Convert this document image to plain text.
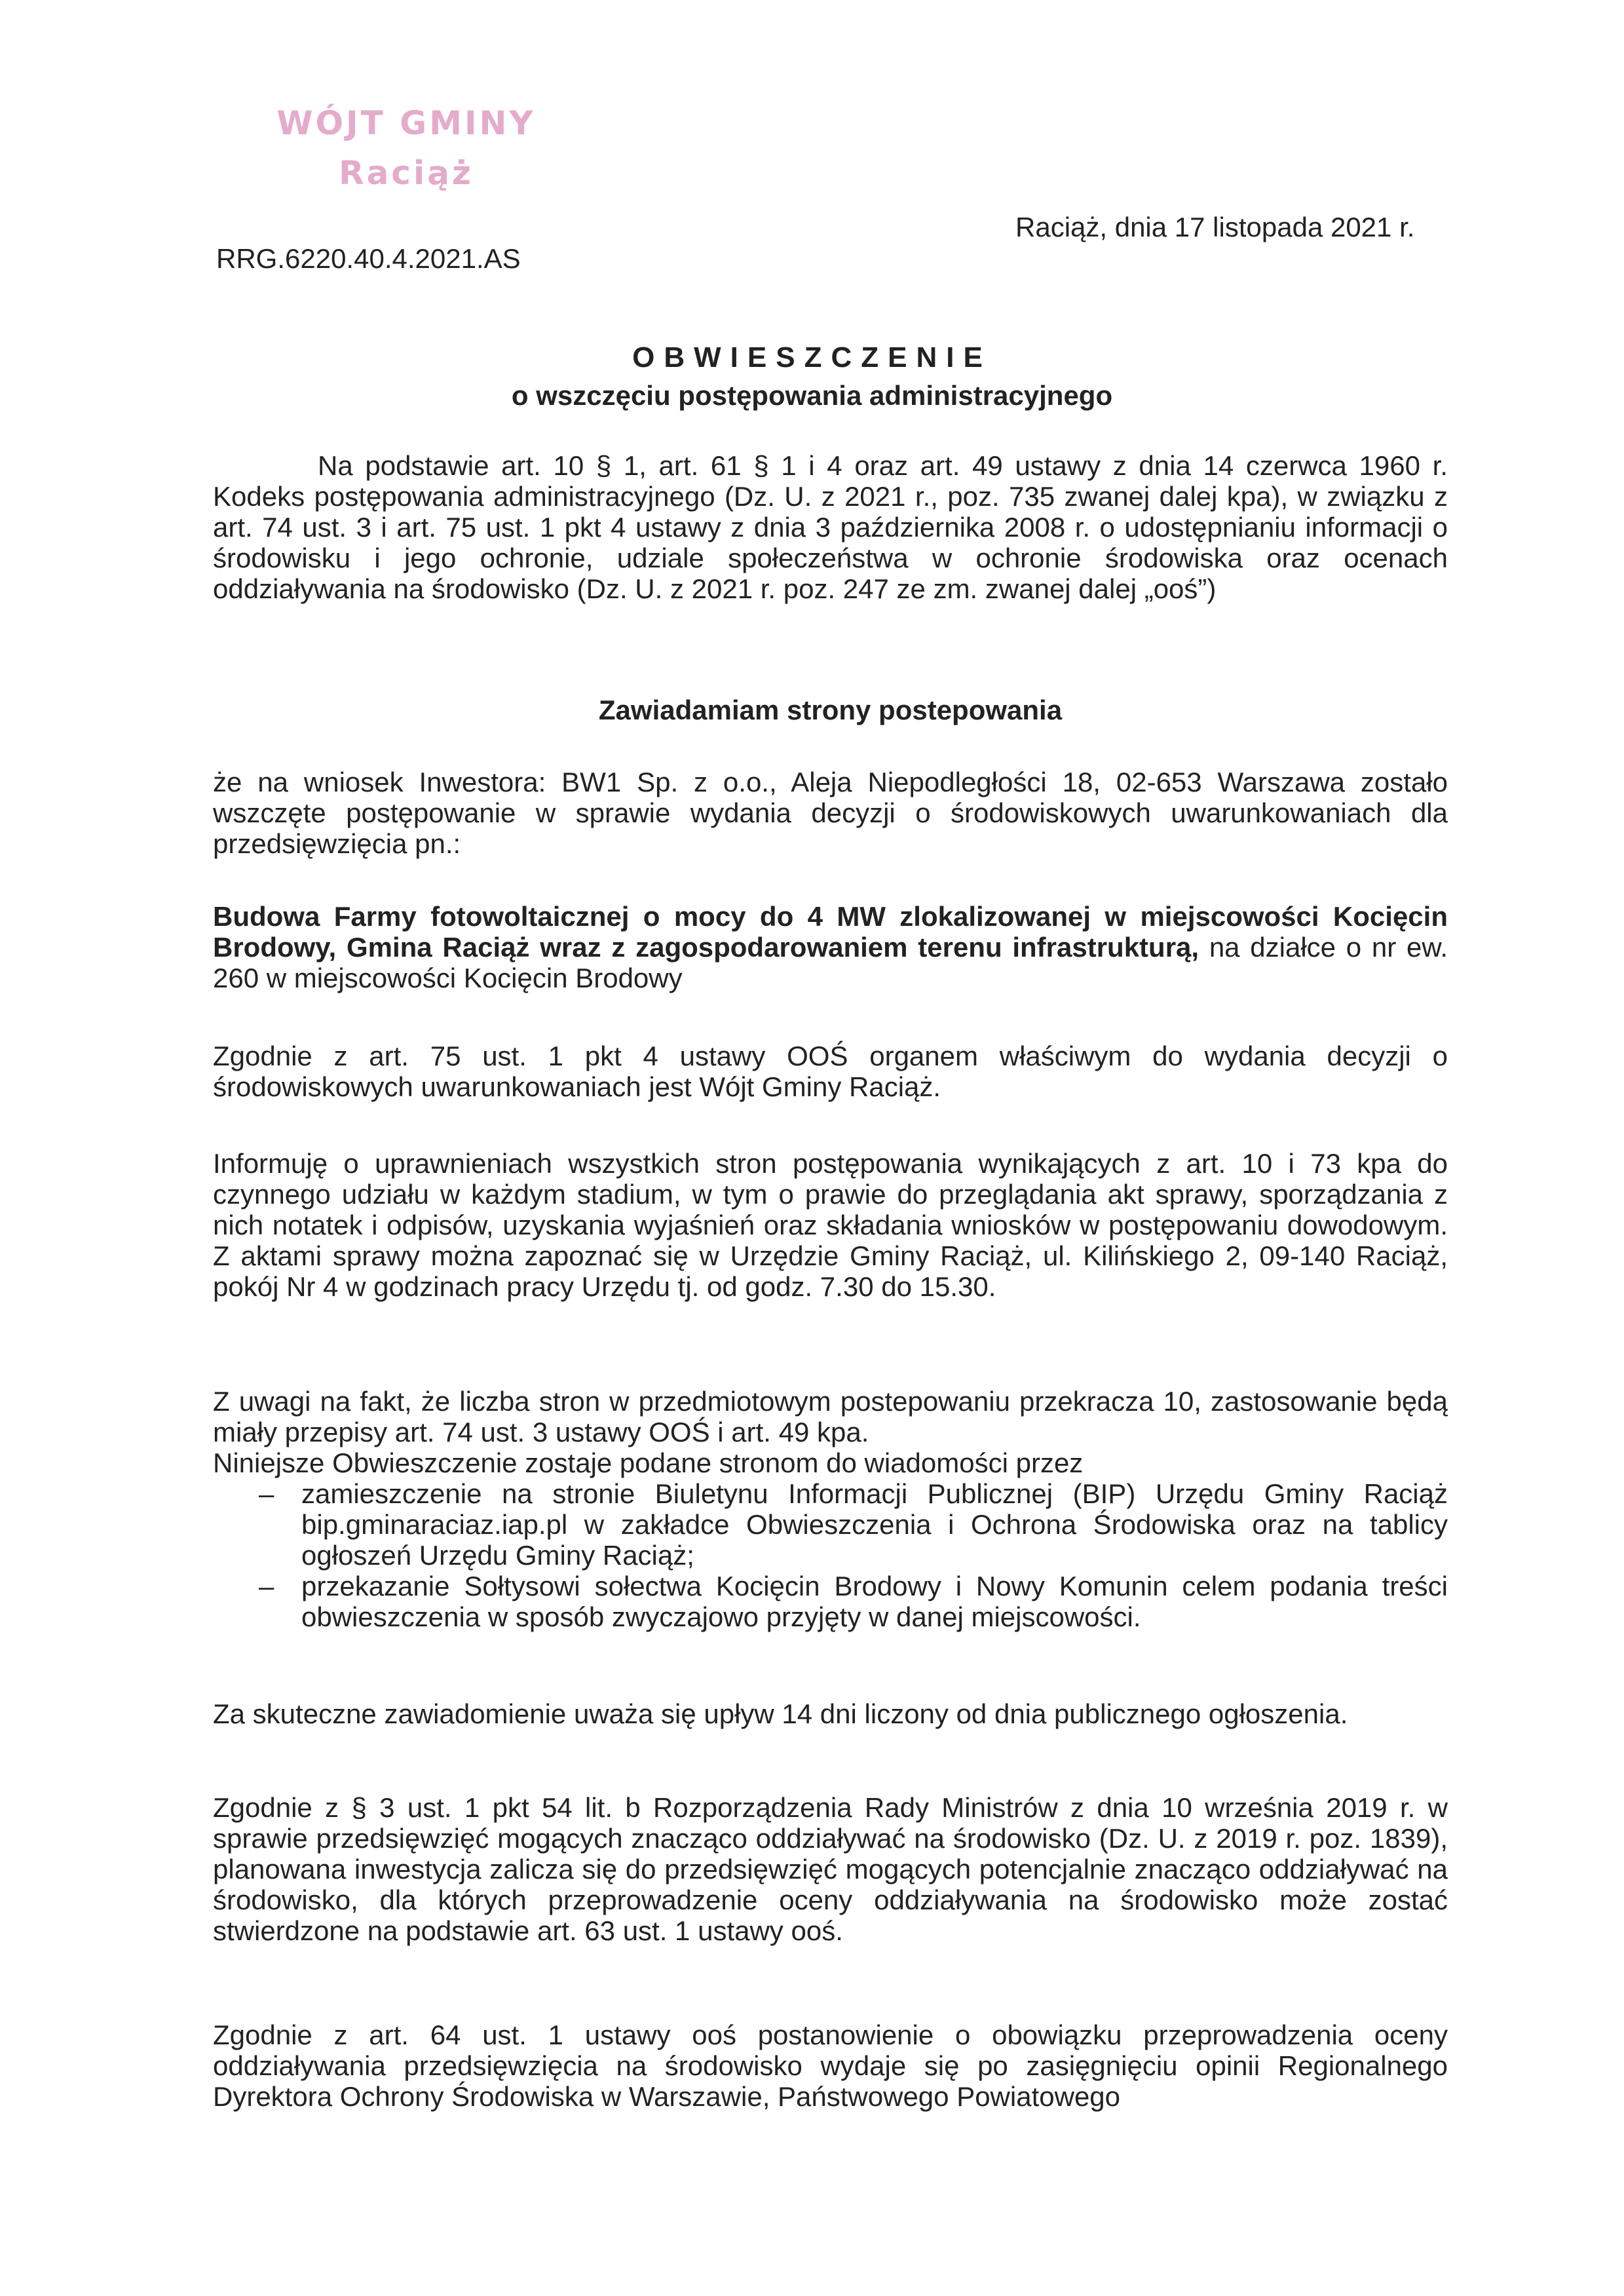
WÓJT GMINY
Raciąż
Raciąż, dnia 17 listopada 2021 r.
RRG.6220.40.4.2021.AS
OBWIESZCZENIE
o wszczęciu postępowania administracyjnego
Na podstawie art. 10 § 1, art. 61 § 1 i 4 oraz art. 49 ustawy z dnia 14 czerwca 1960 r. Kodeks postępowania administracyjnego (Dz. U. z 2021 r., poz. 735 zwanej dalej kpa), w związku z art. 74 ust. 3 i art. 75 ust. 1 pkt 4 ustawy z dnia 3 października 2008 r. o udostępnianiu informacji o środowisku i jego ochronie, udziale społeczeństwa w ochronie środowiska oraz ocenach oddziaływania na środowisko (Dz. U. z 2021 r. poz. 247 ze zm. zwanej dalej „ooś”)
Zawiadamiam strony postepowania
że na wniosek Inwestora: BW1 Sp. z o.o., Aleja Niepodległości 18, 02-653 Warszawa zostało wszczęte postępowanie w sprawie wydania decyzji o środowiskowych uwarunkowaniach dla przedsięwzięcia pn.:
Budowa Farmy fotowoltaicznej o mocy do 4 MW zlokalizowanej w miejscowości Kocięcin Brodowy, Gmina Raciąż wraz z zagospodarowaniem terenu infrastrukturą, na działce o nr ew. 260 w miejscowości Kocięcin Brodowy
Zgodnie z art. 75 ust. 1 pkt 4 ustawy OOŚ organem właściwym do wydania decyzji o środowiskowych uwarunkowaniach jest Wójt Gminy Raciąż.
Informuję o uprawnieniach wszystkich stron postępowania wynikających z art. 10 i 73 kpa do czynnego udziału w każdym stadium, w tym o prawie do przeglądania akt sprawy, sporządzania z nich notatek i odpisów, uzyskania wyjaśnień oraz składania wniosków w postępowaniu dowodowym. Z aktami sprawy można zapoznać się w Urzędzie Gminy Raciąż, ul. Kilińskiego 2, 09-140 Raciąż, pokój Nr 4 w godzinach pracy Urzędu tj. od godz. 7.30 do 15.30.
Z uwagi na fakt, że liczba stron w przedmiotowym postepowaniu przekracza 10, zastosowanie będą miały przepisy art. 74 ust. 3 ustawy OOŚ i art. 49 kpa.
Niniejsze Obwieszczenie zostaje podane stronom do wiadomości przez
– zamieszczenie na stronie Biuletynu Informacji Publicznej (BIP) Urzędu Gminy Raciąż bip.gminaraciaz.iap.pl w zakładce Obwieszczenia i Ochrona Środowiska oraz na tablicy ogłoszeń Urzędu Gminy Raciąż;
– przekazanie Sołtysowi sołectwa Kocięcin Brodowy i Nowy Komunin celem podania treści obwieszczenia w sposób zwyczajowo przyjęty w danej miejscowości.
Za skuteczne zawiadomienie uważa się upływ 14 dni liczony od dnia publicznego ogłoszenia.
Zgodnie z § 3 ust. 1 pkt 54 lit. b Rozporządzenia Rady Ministrów z dnia 10 września 2019 r. w sprawie przedsięwzięć mogących znacząco oddziaływać na środowisko (Dz. U. z 2019 r. poz. 1839), planowana inwestycja zalicza się do przedsięwzięć mogących potencjalnie znacząco oddziaływać na środowisko, dla których przeprowadzenie oceny oddziaływania na środowisko może zostać stwierdzone na podstawie art. 63 ust. 1 ustawy ooś.
Zgodnie z art. 64 ust. 1 ustawy ooś postanowienie o obowiązku przeprowadzenia oceny oddziaływania przedsięwzięcia na środowisko wydaje się po zasięgnięciu opinii Regionalnego Dyrektora Ochrony Środowiska w Warszawie, Państwowego Powiatowego
